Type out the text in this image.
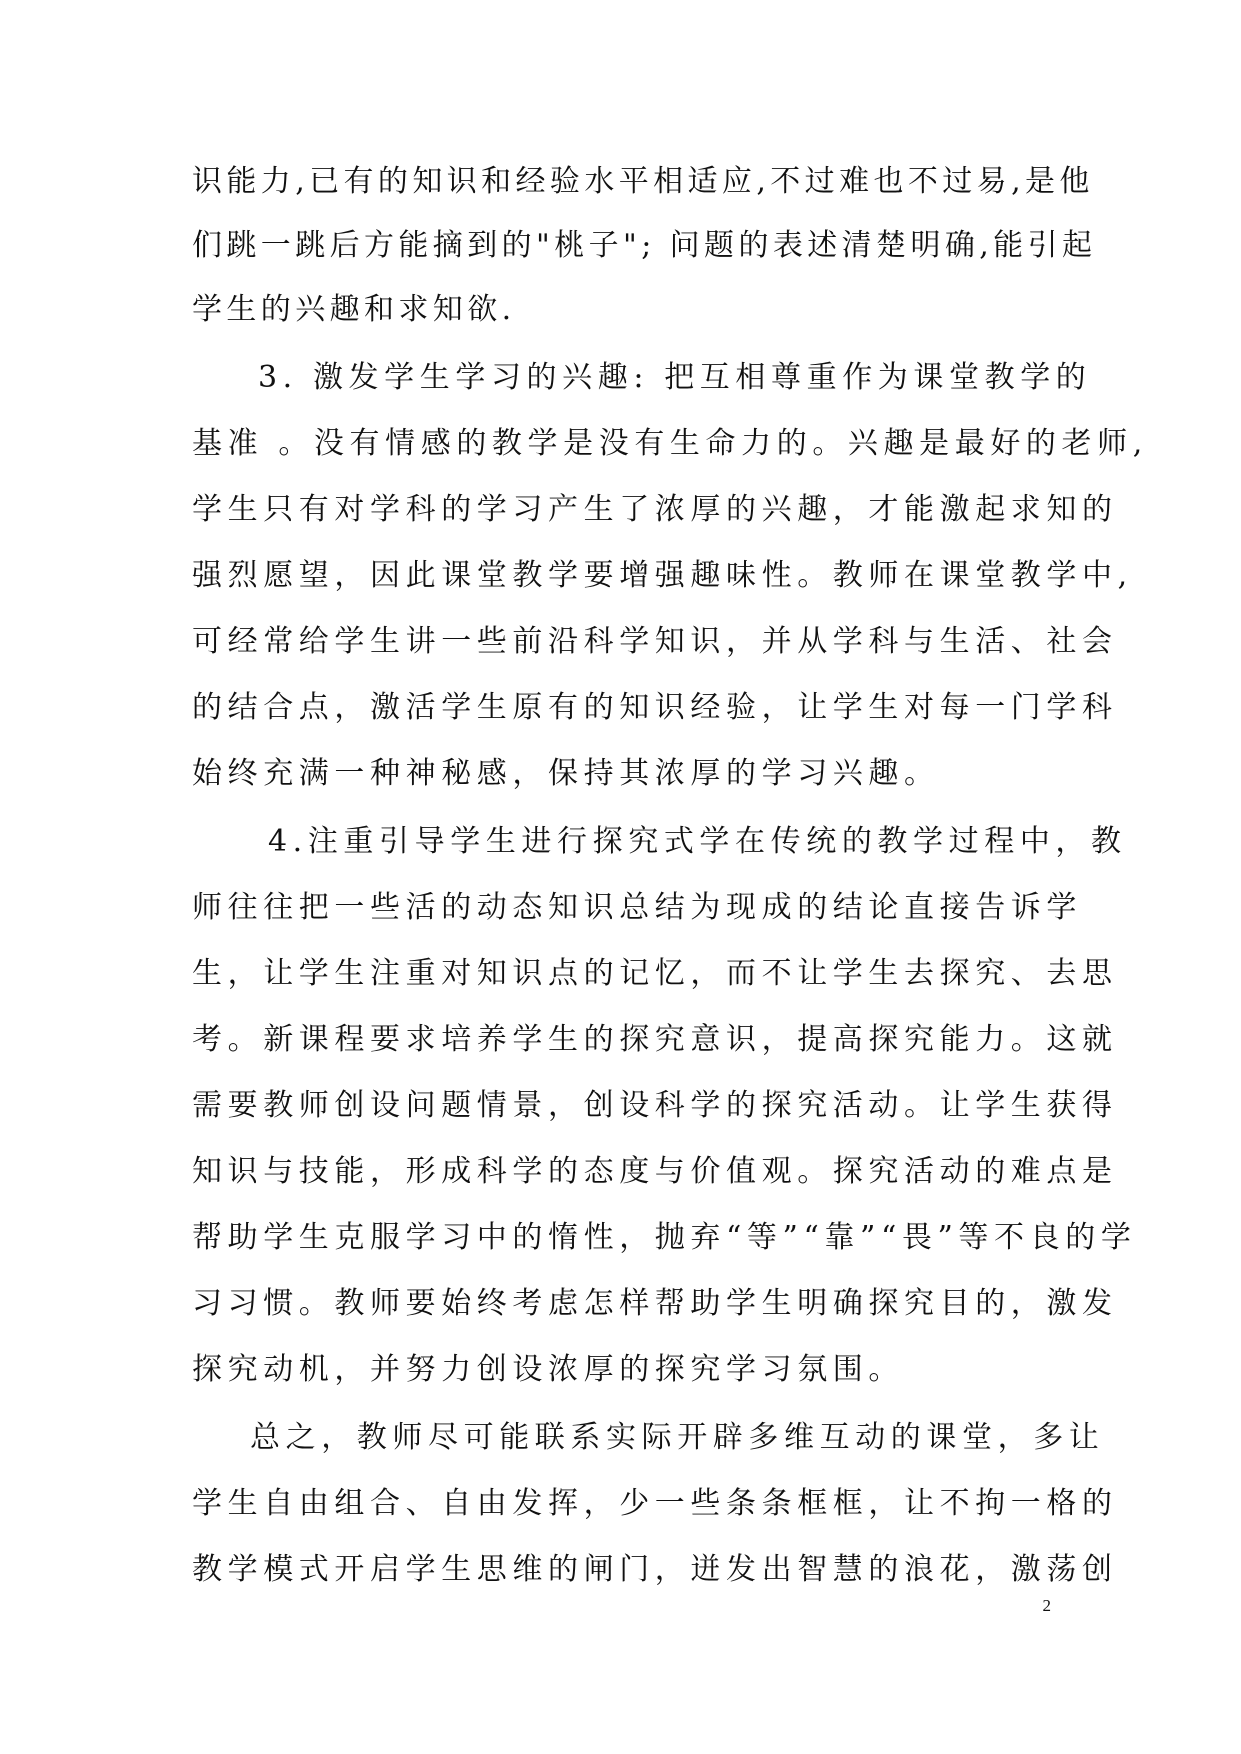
识能力,已有的知识和经验水平相适应,不过难也不过易,是他
们跳一跳后方能摘到的"桃子"; 问题的表述清楚明确,能引起
学生的兴趣和求知欲.
3. 激发学生学习的兴趣: 把互相尊重作为课堂教学的
基准 。没有情感的教学是没有生命力的。兴趣是最好的老师,
学生只有对学科的学习产生了浓厚的兴趣，才能激起求知的
强烈愿望，因此课堂教学要增强趣味性。教师在课堂教学中,
可经常给学生讲一些前沿科学知识，并从学科与生活、社会
的结合点，激活学生原有的知识经验，让学生对每一门学科
始终充满一种神秘感，保持其浓厚的学习兴趣。
4.注重引导学生进行探究式学在传统的教学过程中，教
师往往把一些活的动态知识总结为现成的结论直接告诉学
生，让学生注重对知识点的记忆，而不让学生去探究、去思
考。新课程要求培养学生的探究意识，提高探究能力。这就
需要教师创设问题情景，创设科学的探究活动。让学生获得
知识与技能，形成科学的态度与价值观。探究活动的难点是
帮助学生克服学习中的惰性，抛弃“等”“靠”“畏”等不良的学
习习惯。教师要始终考虑怎样帮助学生明确探究目的，激发
探究动机，并努力创设浓厚的探究学习氛围。
总之，教师尽可能联系实际开辟多维互动的课堂，多让
学生自由组合、自由发挥，少一些条条框框，让不拘一格的
教学模式开启学生思维的闸门，迸发出智慧的浪花，激荡创
2
